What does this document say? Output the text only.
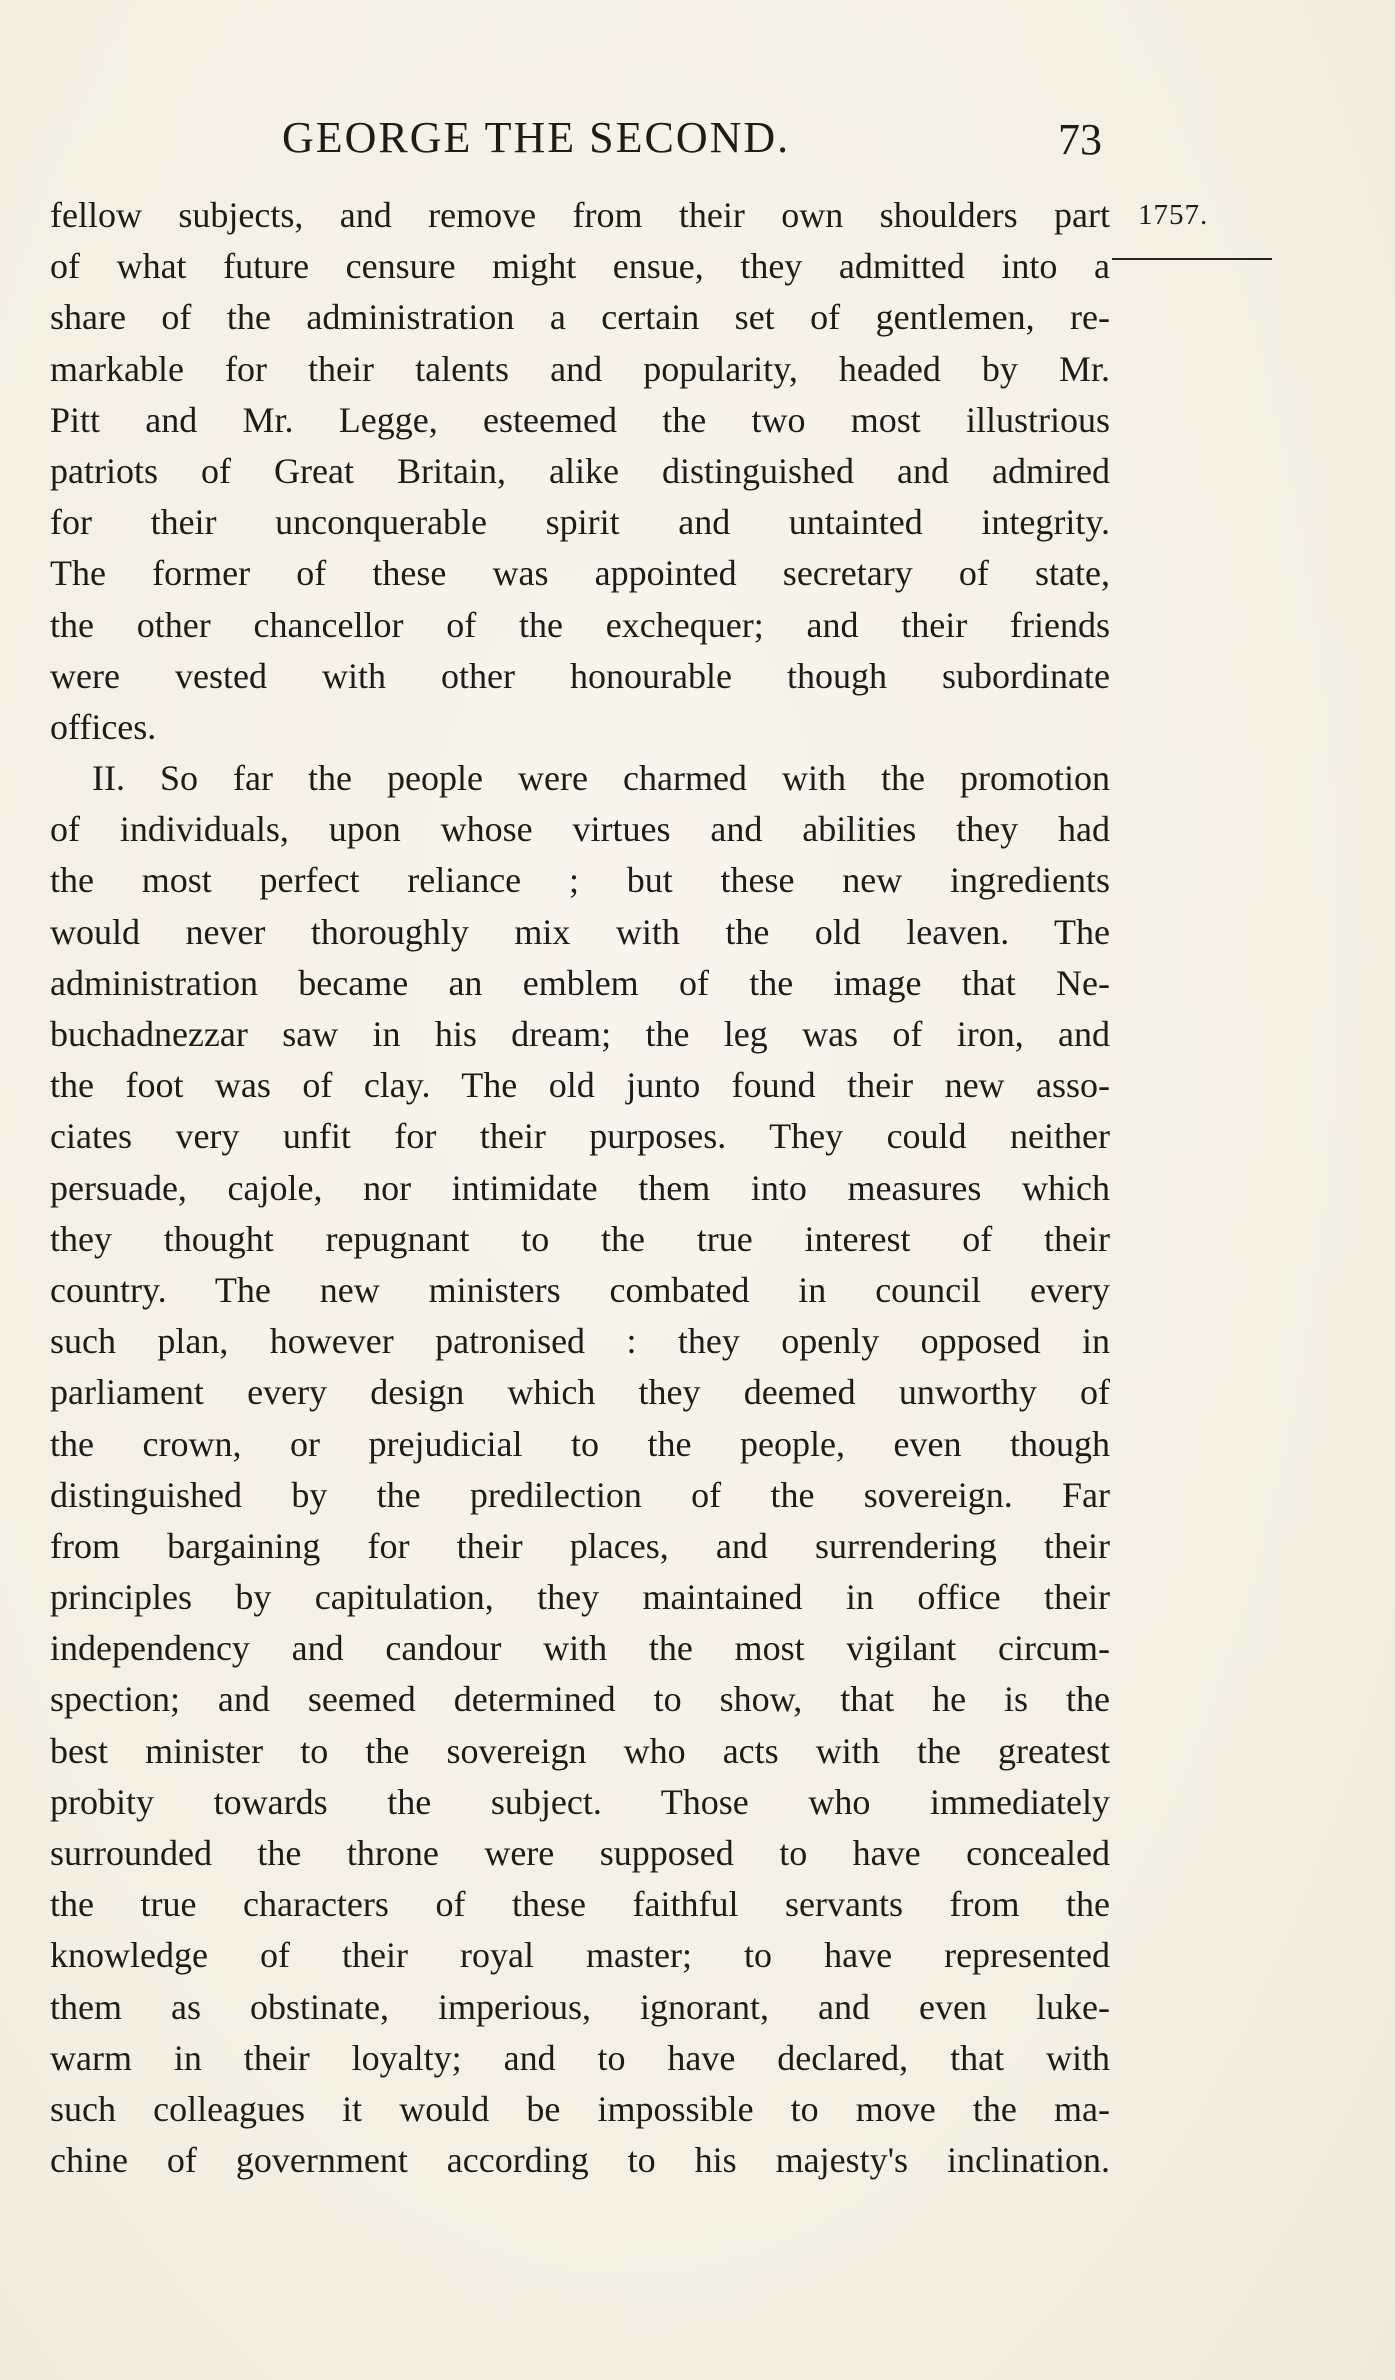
GEORGE THE SECOND.	73
1757.
fellow subjects, and remove from their own shoulders part
of what future censure might ensue, they admitted into a
share of the administration a certain set of gentlemen, re-
markable for their talents and popularity, headed by Mr.
Pitt and Mr. Legge, esteemed the two most illustrious
patriots of Great Britain, alike distinguished and admired
for their unconquerable spirit and untainted integrity.
The former of these was appointed secretary of state,
the other chancellor of the exchequer; and their friends
were vested with other honourable though subordinate
offices.
II. So far the people were charmed with the promotion
of individuals, upon whose virtues and abilities they had
the most perfect reliance ; but these new ingredients
would never thoroughly mix with the old leaven. The
administration became an emblem of the image that Ne-
buchadnezzar saw in his dream; the leg was of iron, and
the foot was of clay. The old junto found their new asso-
ciates very unfit for their purposes. They could neither
persuade, cajole, nor intimidate them into measures which
they thought repugnant to the true interest of their
country. The new ministers combated in council every
such plan, however patronised : they openly opposed in
parliament every design which they deemed unworthy of
the crown, or prejudicial to the people, even though
distinguished by the predilection of the sovereign. Far
from bargaining for their places, and surrendering their
principles by capitulation, they maintained in office their
independency and candour with the most vigilant circum-
spection; and seemed determined to show, that he is the
best minister to the sovereign who acts with the greatest
probity towards the subject. Those who immediately
surrounded the throne were supposed to have concealed
the true characters of these faithful servants from the
knowledge of their royal master; to have represented
them as obstinate, imperious, ignorant, and even luke-
warm in their loyalty; and to have declared, that with
such colleagues it would be impossible to move the ma-
chine of government according to his majesty's inclination.
